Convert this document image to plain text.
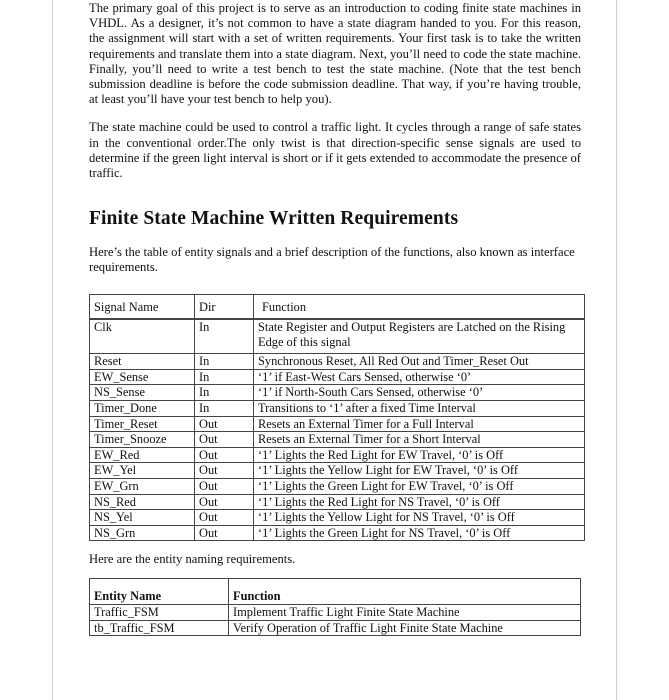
The primary goal of this project is to serve as an introduction to coding finite state machines in VHDL. As a designer, it’s not common to have a state diagram handed to you. For this reason, the assignment will start with a set of written requirements. Your first task is to take the written requirements and translate them into a state diagram. Next, you’ll need to code the state machine. Finally, you’ll need to write a test bench to test the state machine. (Note that the test bench submission deadline is before the code submission deadline. That way, if you’re having trouble, at least you’ll have your test bench to help you).

The state machine could be used to control a traffic light. It cycles through a range of safe states in the conventional order.The only twist is that direction-specific sense signals are used to determine if the green light interval is short or if it gets extended to accommodate the presence of traffic.

Finite State Machine Written Requirements

Here’s the table of entity signals and a brief description of the functions, also known as interface requirements.

Signal Name	Dir	Function
Clk	In	State Register and Output Registers are Latched on the Rising Edge of this signal
Reset	In	Synchronous Reset, All Red Out and Timer_Reset Out
EW_Sense	In	‘1’ if East-West Cars Sensed, otherwise ‘0’
NS_Sense	In	‘1’ if North-South Cars Sensed, otherwise ‘0’
Timer_Done	In	Transitions to ‘1’ after a fixed Time Interval
Timer_Reset	Out	Resets an External Timer for a Full Interval
Timer_Snooze	Out	Resets an External Timer for a Short Interval
EW_Red	Out	‘1’ Lights the Red Light for EW Travel, ‘0’ is Off
EW_Yel	Out	‘1’ Lights the Yellow Light for EW Travel, ‘0’ is Off
EW_Grn	Out	‘1’ Lights the Green Light for EW Travel, ‘0’ is Off
NS_Red	Out	‘1’ Lights the Red Light for NS Travel, ‘0’ is Off
NS_Yel	Out	‘1’ Lights the Yellow Light for NS Travel, ‘0’ is Off
NS_Grn	Out	‘1’ Lights the Green Light for NS Travel, ‘0’ is Off
Here are the entity naming requirements.
Entity Name	Function
Traffic_FSM	Implement Traffic Light Finite State Machine
tb_Traffic_FSM	Verify Operation of Traffic Light Finite State Machine
